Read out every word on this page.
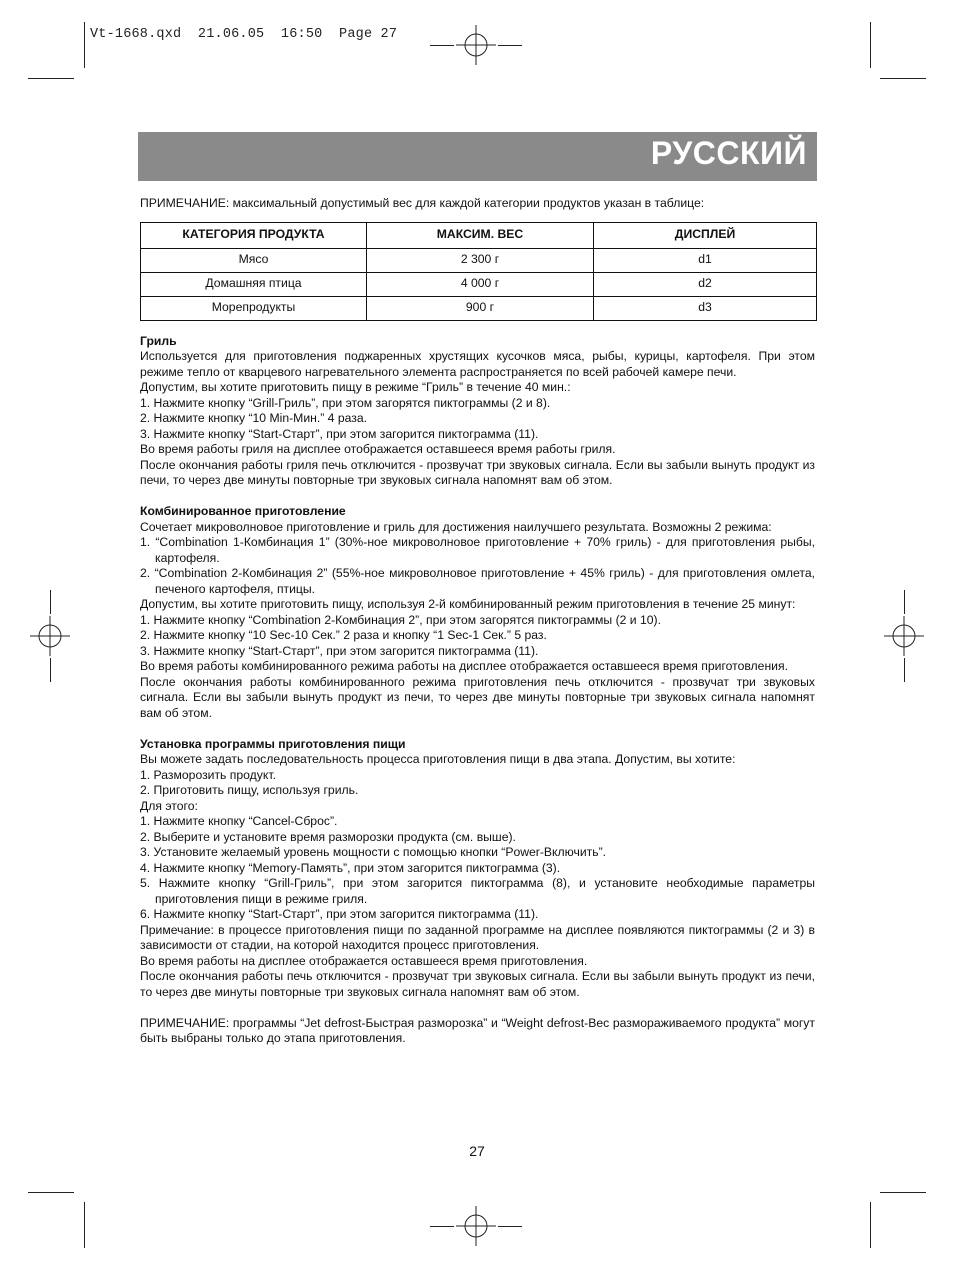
Vt-1668.qxd  21.06.05  16:50  Page 27
РУССКИЙ

ПРИМЕЧАНИЕ: максимальный допустимый вес для каждой категории продуктов указан в таблице:

КАТЕГОРИЯ ПРОДУКТА	МАКСИМ. ВЕС	ДИСПЛЕЙ
Мясо	2 300 г	d1
Домашняя птица	4 000 г	d2
Морепродукты	900 г	d3
Гриль

Используется для приготовления поджаренных хрустящих кусочков мяса, рыбы, курицы, картофеля. При этом режиме тепло от кварцевого нагревательного элемента распространяется по всей рабочей камере печи.

Допустим, вы хотите приготовить пищу в режиме “Гриль” в течение 40 мин.:

1. Нажмите кнопку “Grill-Гриль”, при этом загорятся пиктограммы (2 и 8).

2. Нажмите кнопку “10 Min-Мин.” 4 раза.

3. Нажмите кнопку “Start-Старт”, при этом загорится пиктограмма (11).

Во время работы гриля на дисплее отображается оставшееся время работы гриля.

После окончания работы гриля печь отключится - прозвучат три звуковых сигнала. Если вы забыли вынуть продукт из печи, то через две минуты повторные три звуковых сигнала напомнят вам об этом.

Комбинированное приготовление

Сочетает микроволновое приготовление и гриль для достижения наилучшего результата. Возможны 2 режима:

1. “Combination 1-Комбинация 1” (30%-ное микроволновое приготовление + 70% гриль) - для приготовления рыбы, картофеля.

2. “Combination 2-Комбинация 2” (55%-ное микроволновое приготовление + 45% гриль) - для приготовления омлета, печеного картофеля, птицы.

Допустим, вы хотите приготовить пищу, используя 2-й комбинированный режим приготовления в течение 25 минут:

1. Нажмите кнопку “Combination 2-Комбинация 2”, при этом загорятся пиктограммы (2 и 10).

2. Нажмите кнопку “10 Sec-10 Сек.” 2 раза и кнопку “1 Sec-1 Сек.” 5 раз.

3. Нажмите кнопку “Start-Старт”, при этом загорится пиктограмма (11).

Во время работы комбинированного режима работы на дисплее отображается оставшееся время приготовления.

После окончания работы комбинированного режима приготовления печь отключится - прозвучат три звуковых сигнала. Если вы забыли вынуть продукт из печи, то через две минуты повторные три звуковых сигнала напомнят вам об этом.

Установка программы приготовления пищи

Вы можете задать последовательность процесса приготовления пищи в два этапа. Допустим, вы хотите:

1. Разморозить продукт.

2. Приготовить пищу, используя гриль.

Для этого:

1. Нажмите кнопку “Cancel-Сброс”.

2. Выберите и установите время разморозки продукта (см. выше).

3. Установите желаемый уровень мощности с помощью кнопки “Power-Включить”.

4. Нажмите кнопку “Memory-Память”, при этом загорится пиктограмма (3).

5. Нажмите кнопку “Grill-Гриль”, при этом загорится пиктограмма (8), и установите необходимые параметры приготовления пищи в режиме гриля.

6. Нажмите кнопку “Start-Старт”, при этом загорится пиктограмма (11).

Примечание: в процессе приготовления пищи по заданной программе на дисплее появляются пиктограммы (2 и 3) в зависимости от стадии, на которой находится процесс приготовления.

Во время работы на дисплее отображается оставшееся время приготовления.

После окончания работы печь отключится - прозвучат три звуковых сигнала. Если вы забыли вынуть продукт из печи, то через две минуты повторные три звуковых сигнала напомнят вам об этом.

ПРИМЕЧАНИЕ: программы “Jet defrost-Быстрая разморозка” и “Weight defrost-Вес размораживаемого продукта” могут быть выбраны только до этапа приготовления.

27
